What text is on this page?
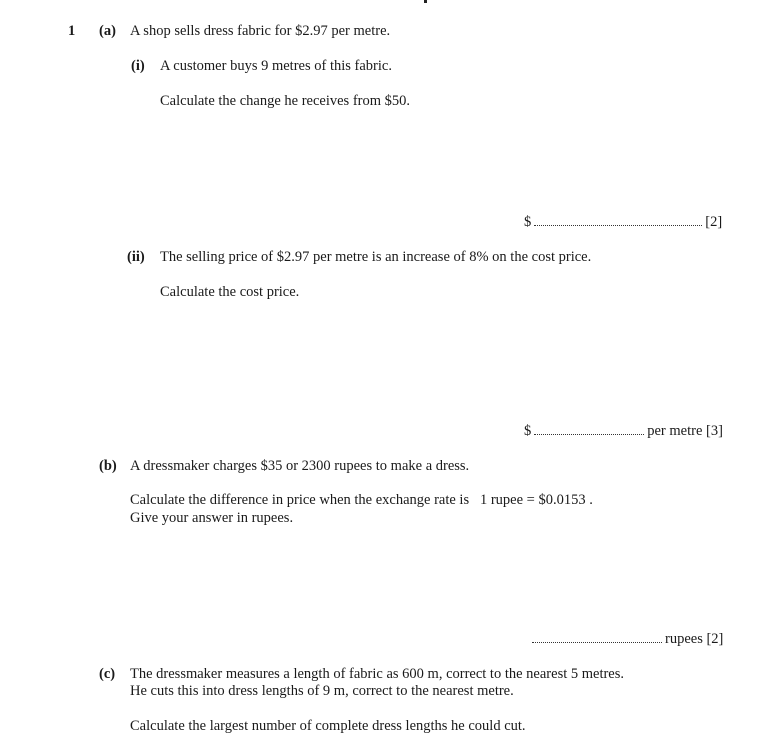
1 (a) A shop sells dress fabric for $2.97 per metre.
(i) A customer buys 9 metres of this fabric.
Calculate the change he receives from $50.
$	[2]
(ii) The selling price of $2.97 per metre is an increase of 8% on the cost price.
Calculate the cost price.
$	per metre [3]
(b) A dressmaker charges $35 or 2300 rupees to make a dress.
Calculate the difference in price when the exchange rate is   1 rupee = $0.0153 .
Give your answer in rupees.
rupees [2]
(c) The dressmaker measures a length of fabric as 600 m, correct to the nearest 5 metres.
He cuts this into dress lengths of 9 m, correct to the nearest metre.
Calculate the largest number of complete dress lengths he could cut.
